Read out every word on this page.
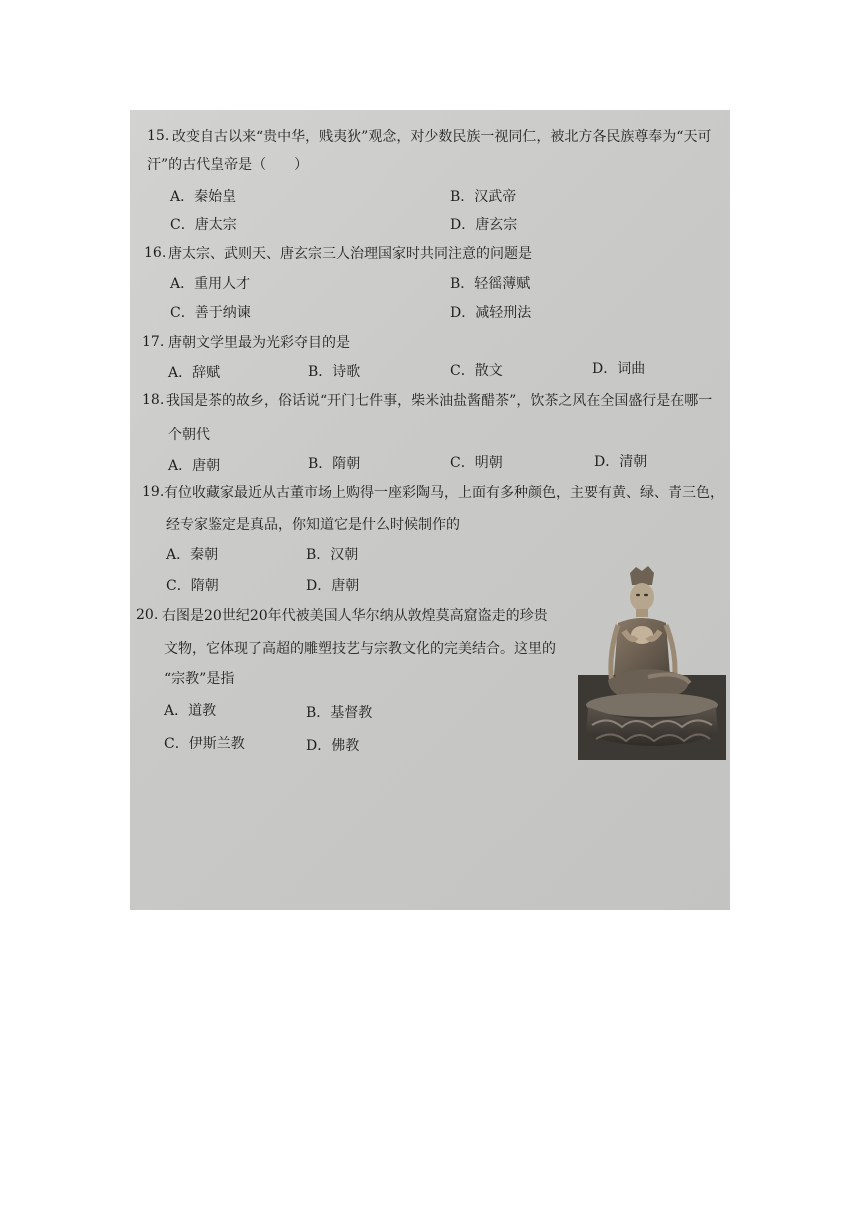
15. 改变自古以来“贵中华，贱夷狄”观念，对少数民族一视同仁，被北方各民族尊奉为“天可
汗”的古代皇帝是（　　）
A．秦始皇	B．汉武帝
C．唐太宗	D．唐玄宗
16. 唐太宗、武则天、唐玄宗三人治理国家时共同注意的问题是
A．重用人才	B．轻徭薄赋
C．善于纳谏	D．减轻刑法
17. 唐朝文学里最为光彩夺目的是
A．辞赋	B．诗歌	C．散文	D．词曲
18. 我国是茶的故乡，俗话说“开门七件事，柴米油盐酱醋茶”，饮茶之风在全国盛行是在哪一
个朝代
A．唐朝	B．隋朝	C．明朝	D．清朝
19. 有位收藏家最近从古董市场上购得一座彩陶马，上面有多种颜色，主要有黄、绿、青三色，
经专家鉴定是真品，你知道它是什么时候制作的
A．秦朝	B．汉朝
C．隋朝	D．唐朝
20. 右图是20世纪20年代被美国人华尔纳从敦煌莫高窟盗走的珍贵
文物，它体现了高超的雕塑技艺与宗教文化的完美结合。这里的
“宗教”是指
A．道教	B．基督教
C．伊斯兰教	D．佛教
